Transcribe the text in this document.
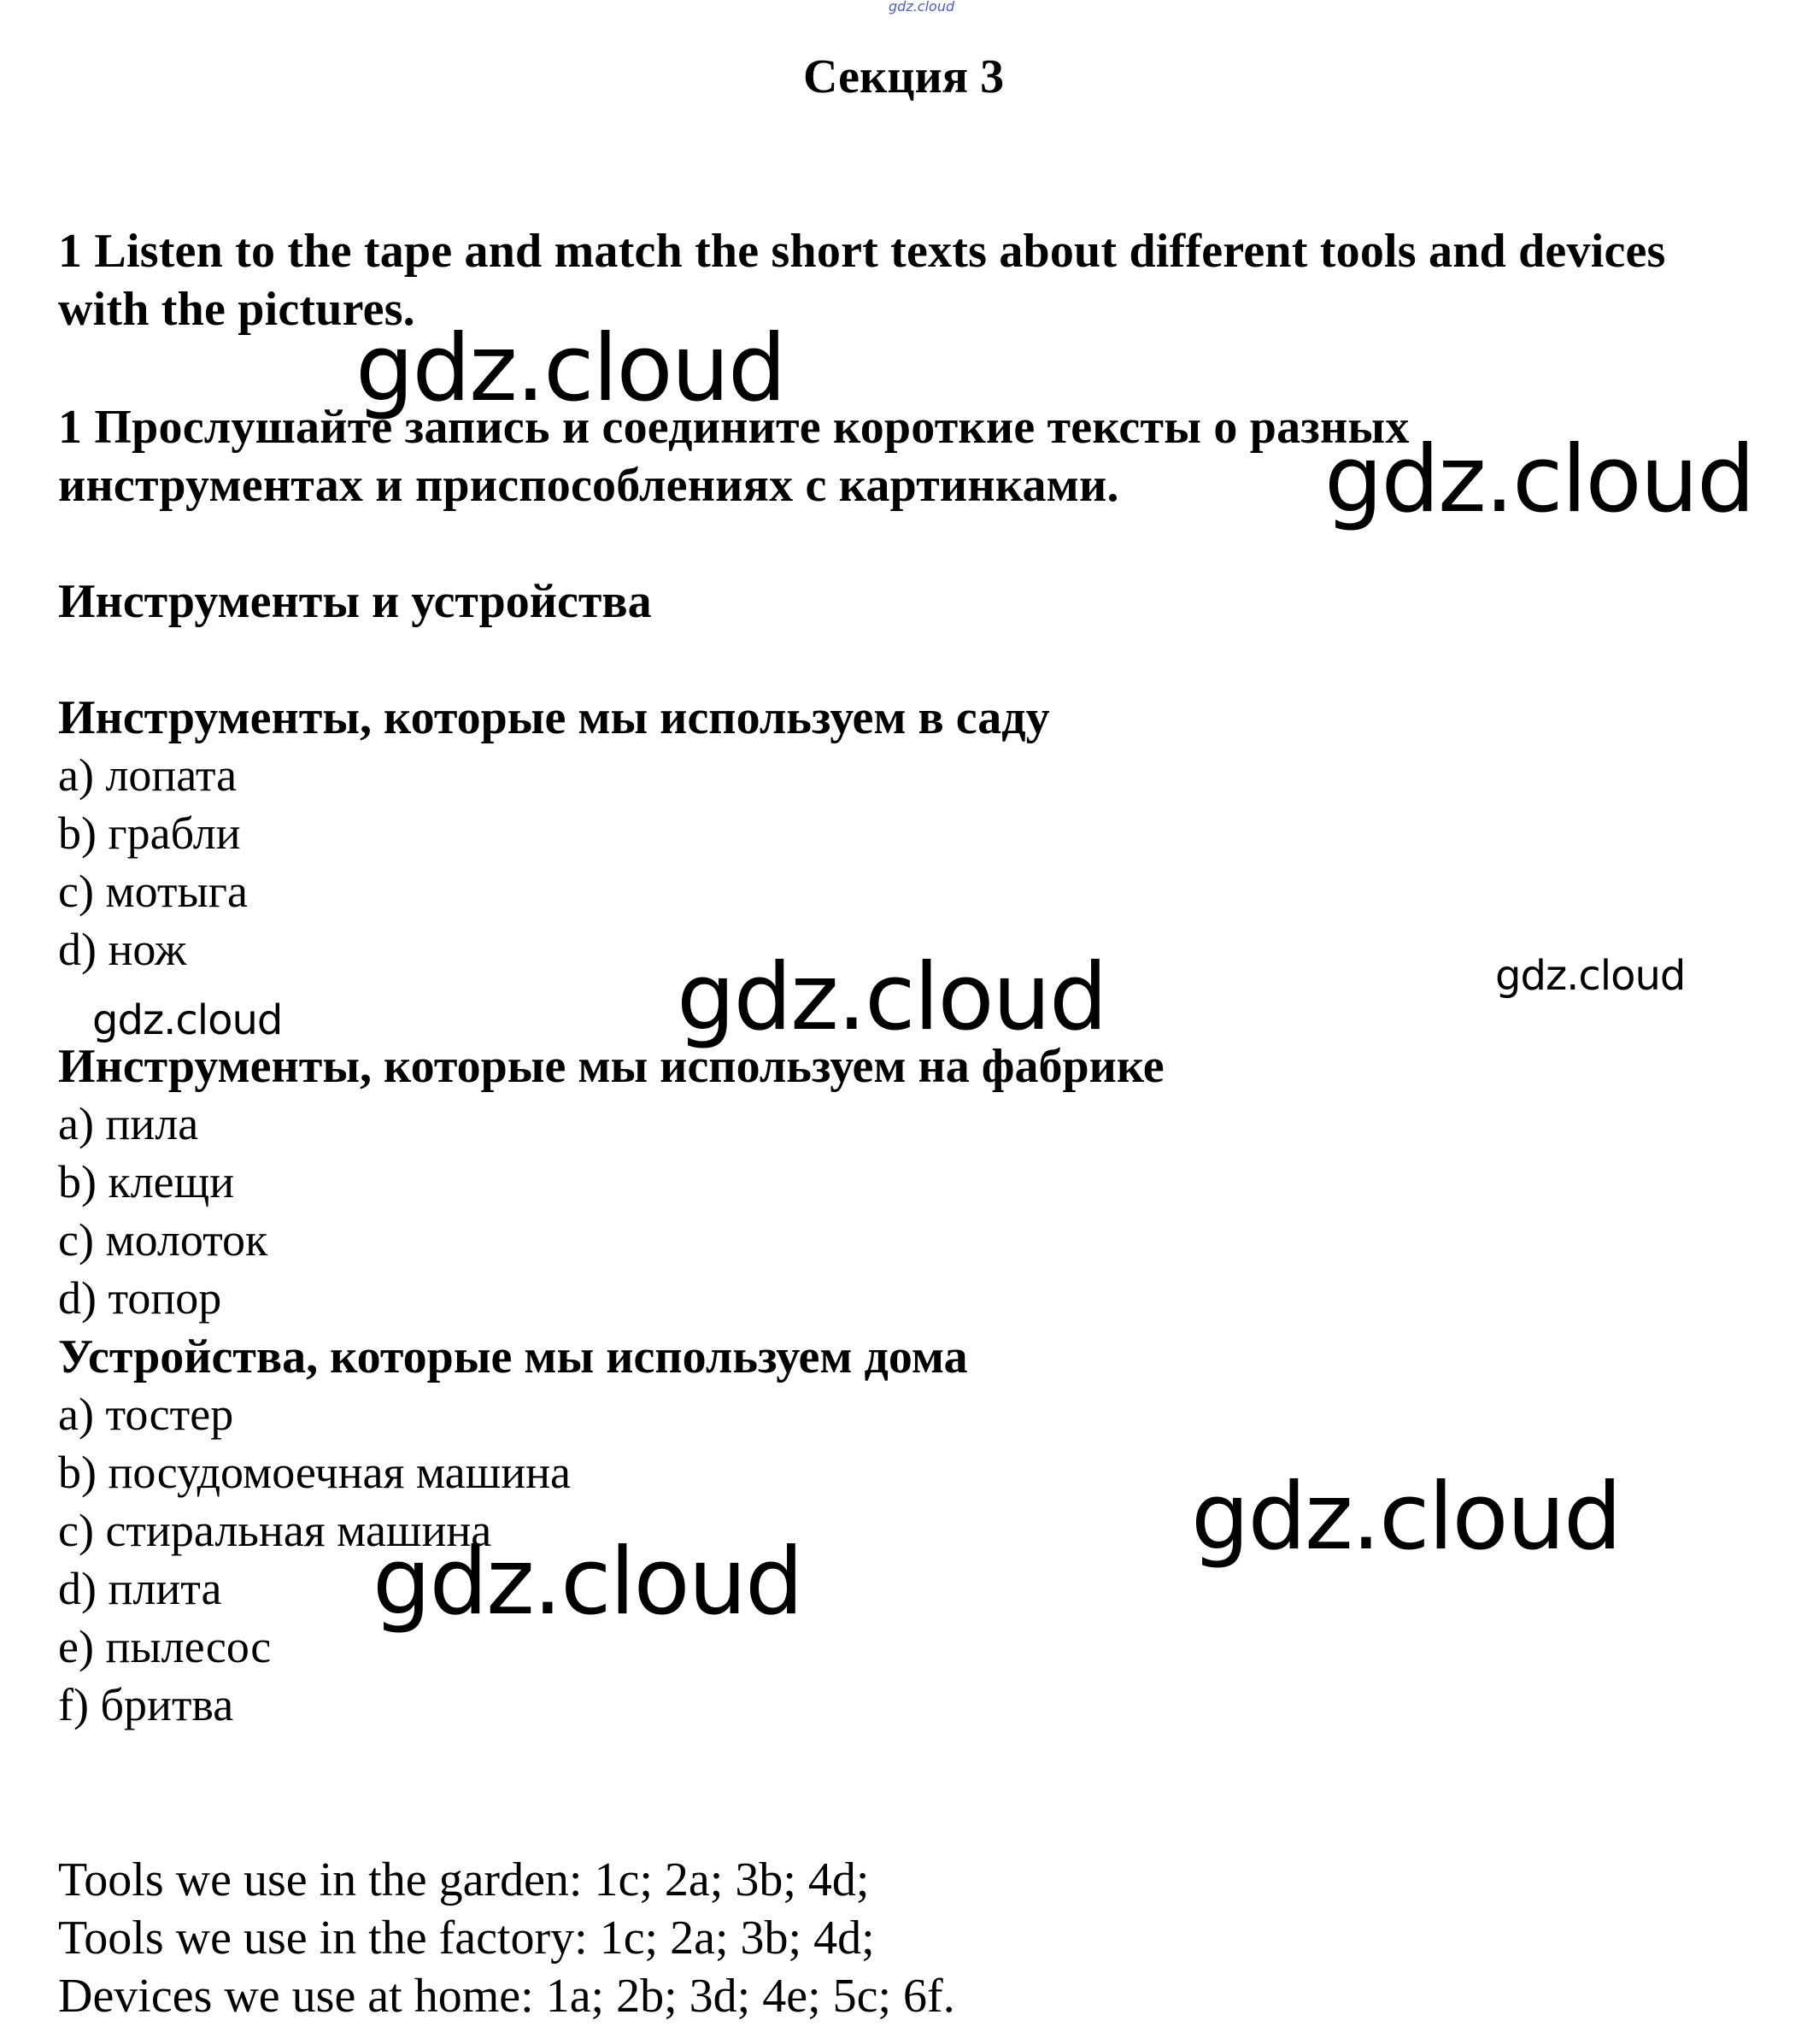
gdz.cloud
Секция 3
1 Listen to the tape and match the short texts about different tools and devices
with the pictures.
1 Прослушайте запись и соедините короткие тексты о разных
инструментах и приспособлениях с картинками.
Инструменты и устройства
Инструменты, которые мы используем в саду
a) лопата
b) грабли
c) мотыга
d) нож
Инструменты, которые мы используем на фабрике
a) пила
b) клещи
c) молоток
d) топор
Устройства, которые мы используем дома
a) тостер
b) посудомоечная машина
c) стиральная машина
d) плита
e) пылесос
f) бритва
Tools we use in the garden: 1c; 2a; 3b; 4d;
Tools we use in the factory: 1c; 2a; 3b; 4d;
Devices we use at home: 1a; 2b; 3d; 4e; 5c; 6f.
gdz.cloud
gdz.cloud
gdz.cloud	gdz.cloud
gdz.cloud
gdz.cloud
gdz.cloud
